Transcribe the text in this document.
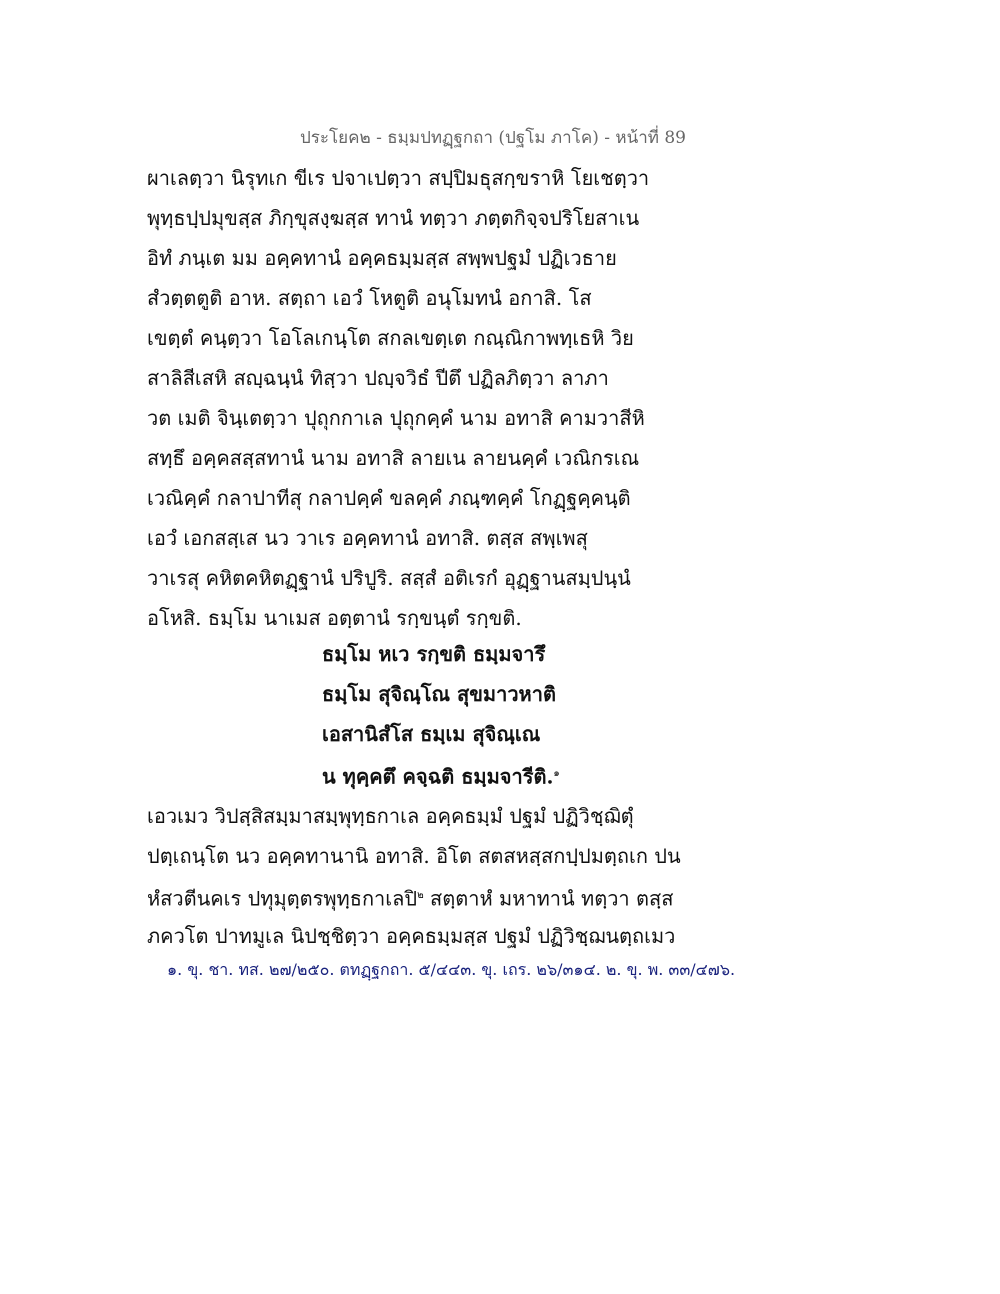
ประโยค๒ - ธมฺมปทฏฺฐกถา (ปฐโม ภาโค) - หน้าที่ 89
ผาเลตฺวา นิรุทเก ขีเร ปจาเปตฺวา สปฺปิมธุสกฺขราหิ โยเชตฺวา
พุทฺธปฺปมุขสฺส ภิกฺขุสงฺฆสฺส ทานํ ทตฺวา ภตฺตกิจฺจปริโยสาเน
อิทํ ภนฺเต มม อคฺคทานํ อคฺคธมฺมสฺส สพฺพปฐมํ ปฏิเวธาย
สํวตฺตตูติ อาห. สตฺถา เอวํ โหตูติ อนุโมทนํ อกาสิ. โส
เขตฺตํ คนฺตฺวา โอโลเกนฺโต สกลเขตฺเต กณฺณิกาพทฺเธหิ วิย
สาลิสีเสหิ สญฺฉนฺนํ ทิสฺวา ปญฺจวิธํ ปีตึ ปฏิลภิตฺวา ลาภา
วต เมติ จินฺเตตฺวา ปุถุกกาเล ปุถุกคฺคํ นาม อทาสิ คามวาสีหิ
สทฺธึ อคฺคสสฺสทานํ นาม อทาสิ ลายเน ลายนคฺคํ เวณิกรเณ
เวณิคฺคํ กลาปาทีสุ กลาปคฺคํ ขลคฺคํ ภณฺฑคฺคํ โกฏฺฐคฺคนฺติ
เอวํ เอกสสฺเส นว วาเร อคฺคทานํ อทาสิ. ตสฺส สพฺเพสุ
วาเรสุ คหิตคหิตฏฺฐานํ ปริปูริ. สสฺสํ อติเรกํ อุฏฺฐานสมฺปนฺนํ
อโหสิ. ธมฺโม นาเมส อตฺตานํ รกฺขนฺตํ รกฺขติ.
ธมฺโม หเว รกฺขติ ธมฺมจารึ
ธมฺโม สุจิณฺโณ สุขมาวหาติ
เอสานิสํโส ธมฺเม สุจิณฺเณ
น ทุคฺคตึ คจฺฉติ ธมฺมจารีติ.$^๑$
เอวเมว วิปสฺสิสมฺมาสมฺพุทฺธกาเล อคฺคธมฺมํ ปฐมํ ปฏิวิชฺฌิตุํ
ปตฺเถนฺโต นว อคฺคทานานิ อทาสิ. อิโต สตสหสฺสกปฺปมตฺถเก ปน
หํสวตีนคเร ปทุมุตฺตรพุทฺธกาเลปิ$^๒$ สตฺตาหํ มหาทานํ ทตฺวา ตสฺส
ภควโต ปาทมูเล นิปชฺชิตฺวา อคฺคธมฺมสฺส ปฐมํ ปฏิวิชฺฌนตฺถเมว
๑. ขุ. ชา. ทส. ๒๗/๒๕๐. ตทฏฺฐกถา. ๕/๔๔๓. ขุ. เถร. ๒๖/๓๑๔. ๒. ขุ. พ. ๓๓/๔๗๖.
